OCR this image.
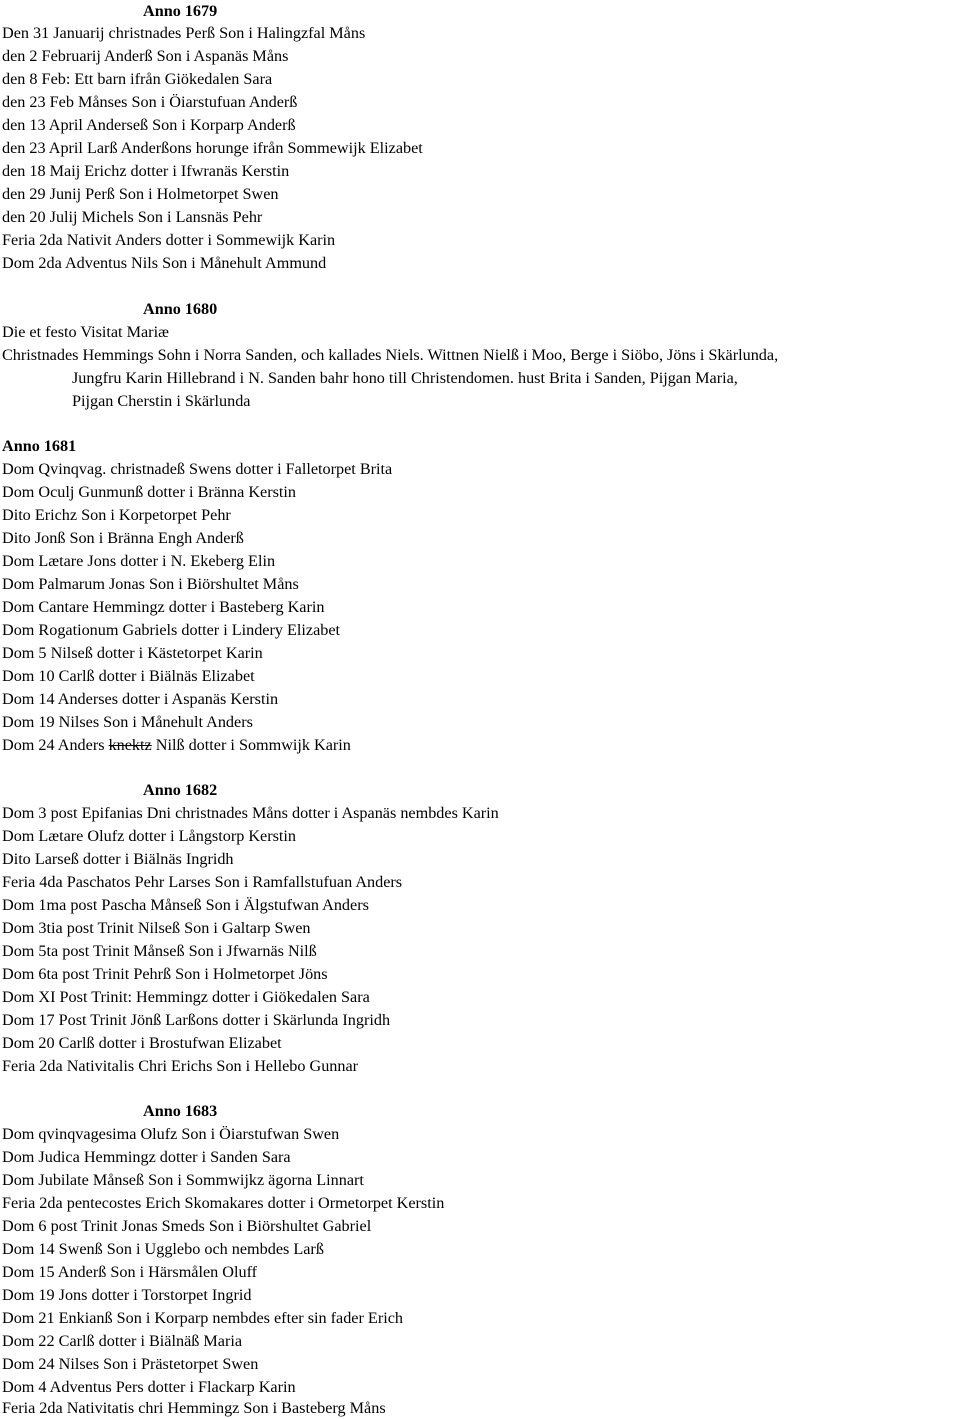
Anno 1679
Den 31 Januarij christnades Perß Son i Halingzfal Måns
den 2 Februarij Anderß Son i Aspanäs Måns
den 8 Feb: Ett barn ifrån Giökedalen Sara
den 23 Feb Månses Son i Öiarstufuan Anderß
den 13 April Anderseß Son i Korparp Anderß
den 23 April Larß Anderßons horunge ifrån Sommewijk Elizabet
den 18 Maij Erichz dotter i Ifwranäs Kerstin
den 29 Junij Perß Son i Holmetorpet Swen
den 20 Julij Michels Son i Lansnäs Pehr
Feria 2da Nativit Anders dotter i Sommewijk Karin
Dom 2da Adventus Nils Son i Månehult Ammund
Anno 1680
Die et festo Visitat Mariæ
Christnades Hemmings Sohn i Norra Sanden, och kallades Niels. Wittnen Nielß i Moo, Berge i Siöbo, Jöns i Skärlunda,
Jungfru Karin Hillebrand i N. Sanden bahr hono till Christendomen. hust Brita i Sanden, Pijgan Maria,
Pijgan Cherstin i Skärlunda
Anno 1681
Dom Qvinqvag. christnadeß Swens dotter i Falletorpet Brita
Dom Oculj Gunmunß dotter i Bränna Kerstin
Dito Erichz Son i Korpetorpet Pehr
Dito Jonß Son i Bränna Engh Anderß
Dom Lætare Jons dotter i N. Ekeberg Elin
Dom Palmarum Jonas Son i Biörshultet Måns
Dom Cantare Hemmingz dotter i Basteberg Karin
Dom Rogationum Gabriels dotter i Lindery Elizabet
Dom 5 Nilseß dotter i Kästetorpet Karin
Dom 10 Carlß dotter i Biälnäs Elizabet
Dom 14 Anderses dotter i Aspanäs Kerstin
Dom 19 Nilses Son i Månehult Anders
Dom 24 Anders knektz Nilß dotter i Sommwijk Karin
Anno 1682
Dom 3 post Epifanias Dni christnades Måns dotter i Aspanäs nembdes Karin
Dom Lætare Olufz dotter i Långstorp Kerstin
Dito Larseß dotter i Biälnäs Ingridh
Feria 4da Paschatos Pehr Larses Son i Ramfallstufuan Anders
Dom 1ma post Pascha Månseß Son i Älgstufwan Anders
Dom 3tia post Trinit Nilseß Son i Galtarp Swen
Dom 5ta post Trinit Månseß Son i Jfwarnäs Nilß
Dom 6ta post Trinit Pehrß Son i Holmetorpet Jöns
Dom XI Post Trinit: Hemmingz dotter i Giökedalen Sara
Dom 17 Post Trinit Jönß Larßons dotter i Skärlunda Ingridh
Dom 20 Carlß dotter i Brostufwan Elizabet
Feria 2da Nativitalis Chri Erichs Son i Hellebo Gunnar
Anno 1683
Dom qvinqvagesima Olufz Son i Öiarstufwan Swen
Dom Judica Hemmingz dotter i Sanden Sara
Dom Jubilate Månseß Son i Sommwijkz ägorna Linnart
Feria 2da pentecostes Erich Skomakares dotter i Ormetorpet Kerstin
Dom 6 post Trinit Jonas Smeds Son i Biörshultet Gabriel
Dom 14 Swenß Son i Ugglebo och nembdes Larß
Dom 15 Anderß Son i Härsmålen Oluff
Dom 19 Jons dotter i Torstorpet Ingrid
Dom 21 Enkianß Son i Korparp nembdes efter sin fader Erich
Dom 22 Carlß dotter i Biälnäß Maria
Dom 24 Nilses Son i Prästetorpet Swen
Dom 4 Adventus Pers dotter i Flackarp Karin
Feria 2da Nativitatis chri Hemmingz Son i Basteberg Måns
